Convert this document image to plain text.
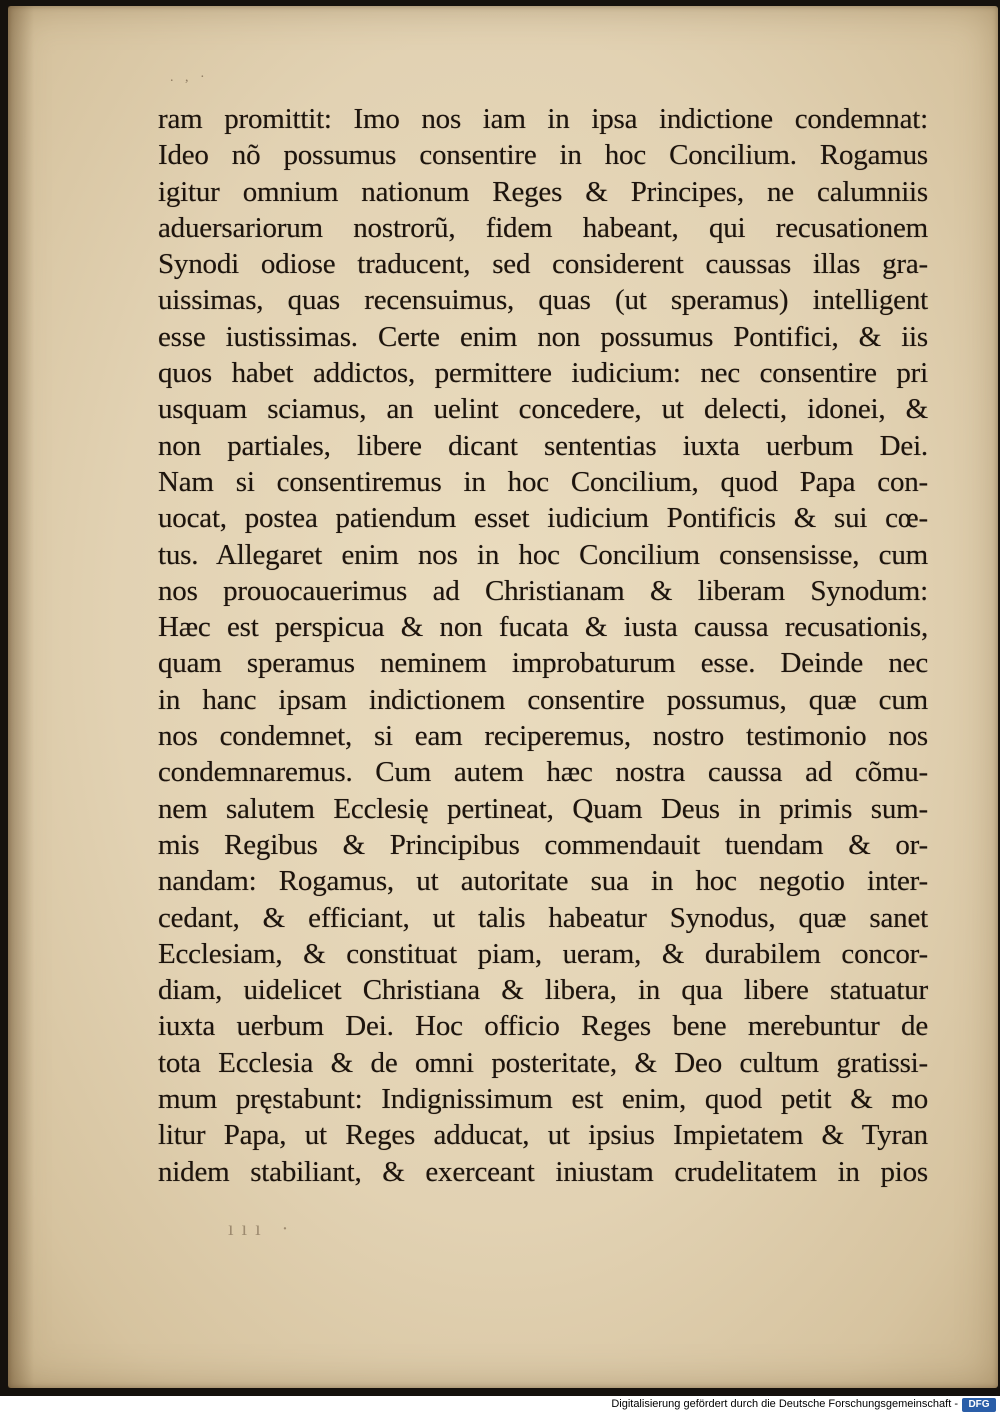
. , ·
ram promittit: Imo nos iam in ipsa indictione condemnat:
Ideo nõ possumus consentire in hoc Concilium. Rogamus
igitur omnium nationum Reges & Principes, ne calumniis
aduersariorum nostrorũ, fidem habeant, qui recusationem
Synodi odiose traducent, sed considerent caussas illas gra-
uissimas, quas recensuimus, quas (ut speramus) intelligent
esse iustissimas. Certe enim non possumus Pontifici, & iis
quos habet addictos, permittere iudicium: nec consentire pri
usquam sciamus, an uelint concedere, ut delecti, idonei, &
non partiales, libere dicant sententias iuxta uerbum Dei.
Nam si consentiremus in hoc Concilium, quod Papa con-
uocat, postea patiendum esset iudicium Pontificis & sui cœ-
tus. Allegaret enim nos in hoc Concilium consensisse, cum
nos prouocauerimus ad Christianam & liberam Synodum:
Hæc est perspicua & non fucata & iusta caussa recusationis,
quam speramus neminem improbaturum esse. Deinde nec
in hanc ipsam indictionem consentire possumus, quæ cum
nos condemnet, si eam reciperemus, nostro testimonio nos
condemnaremus. Cum autem hæc nostra caussa ad cõmu-
nem salutem Ecclesię pertineat, Quam Deus in primis sum-
mis Regibus & Principibus commendauit tuendam & or-
nandam: Rogamus, ut autoritate sua in hoc negotio inter-
cedant, & efficiant, ut talis habeatur Synodus, quæ sanet
Ecclesiam, & constituat piam, ueram, & durabilem concor-
diam, uidelicet Christiana & libera, in qua libere statuatur
iuxta uerbum Dei. Hoc officio Reges bene merebuntur de
tota Ecclesia & de omni posteritate, & Deo cultum gratissi-
mum pręstabunt: Indignissimum est enim, quod petit & mo
litur Papa, ut Reges adducat, ut ipsius Impietatem & Tyran
nidem stabiliant, & exerceant iniustam crudelitatem in pios
ııı ·
Digitalisierung gefördert durch die Deutsche Forschungsgemeinschaft -	DFG
